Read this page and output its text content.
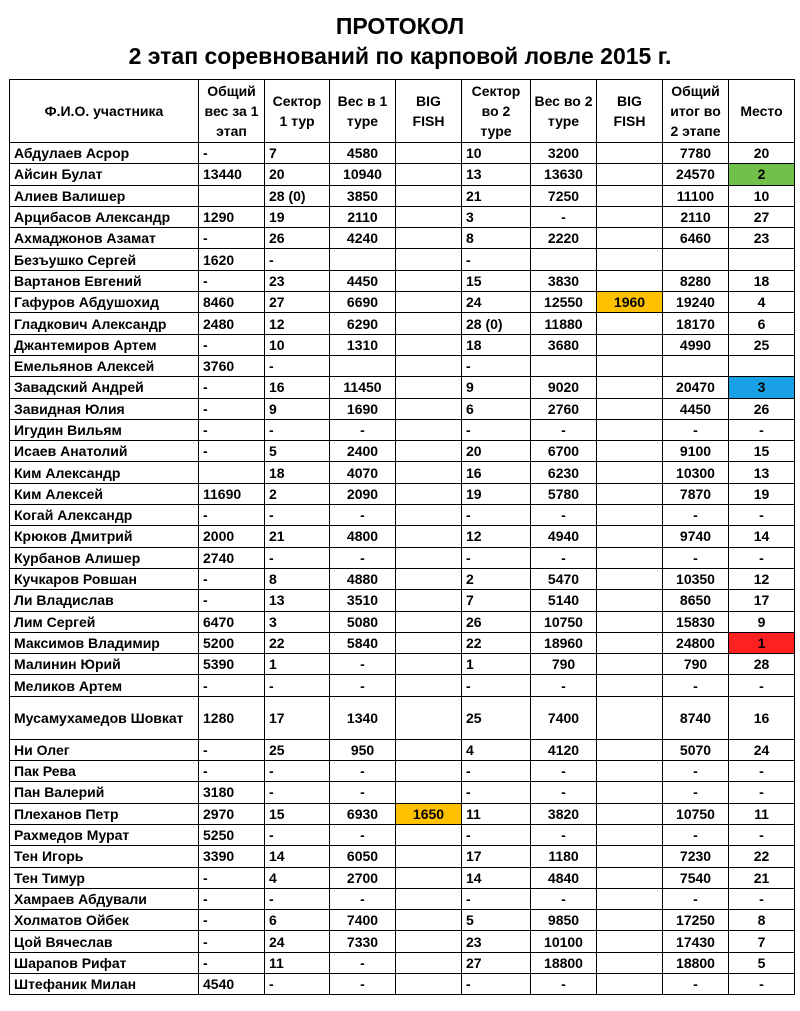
ПРОТОКОЛ
2 этап соревнований по карповой ловле 2015 г.
Ф.И.О. участника	Общий вес за 1 этап	Сектор 1 тур	Вес в 1 туре	BIG FISH	Сектор во 2 туре	Вес во 2 туре	BIG FISH	Общий итог во 2 этапе	Место
Абдулаев Асрор	-	7	4580		10	3200		7780	20
Айсин Булат	13440	20	10940		13	13630		24570	2
Алиев Валишер		28 (0)	3850		21	7250		11100	10
Арцибасов Александр	1290	19	2110		3	-		2110	27
Ахмаджонов Азамат	-	26	4240		8	2220		6460	23
Безъушко Сергей	1620	-			-				
Вартанов Евгений	-	23	4450		15	3830		8280	18
Гафуров Абдушохид	8460	27	6690		24	12550	1960	19240	4
Гладкович Александр	2480	12	6290		28 (0)	11880		18170	6
Джантемиров Артем	-	10	1310		18	3680		4990	25
Емельянов Алексей	3760	-			-				
Завадский Андрей	-	16	11450		9	9020		20470	3
Завидная Юлия	-	9	1690		6	2760		4450	26
Игудин Вильям	-	-	-		-	-		-	-
Исаев Анатолий	-	5	2400		20	6700		9100	15
Ким Александр		18	4070		16	6230		10300	13
Ким Алексей	11690	2	2090		19	5780		7870	19
Когай Александр	-	-	-		-	-		-	-
Крюков Дмитрий	2000	21	4800		12	4940		9740	14
Курбанов Алишер	2740	-	-		-	-		-	-
Кучкаров Ровшан	-	8	4880		2	5470		10350	12
Ли Владислав	-	13	3510		7	5140		8650	17
Лим Сергей	6470	3	5080		26	10750		15830	9
Максимов Владимир	5200	22	5840		22	18960		24800	1
Малинин Юрий	5390	1	-		1	790		790	28
Меликов Артем	-	-	-		-	-		-	-
Мусамухамедов Шовкат	1280	17	1340		25	7400		8740	16
Ни Олег	-	25	950		4	4120		5070	24
Пак Рева	-	-	-		-	-		-	-
Пан Валерий	3180	-	-		-	-		-	-
Плеханов Петр	2970	15	6930	1650	11	3820		10750	11
Рахмедов Мурат	5250	-	-		-	-		-	-
Тен Игорь	3390	14	6050		17	1180		7230	22
Тен Тимур	-	4	2700		14	4840		7540	21
Хамраев Абдували	-	-	-		-	-		-	-
Холматов Ойбек	-	6	7400		5	9850		17250	8
Цой Вячеслав	-	24	7330		23	10100		17430	7
Шарапов Рифат	-	11	-		27	18800		18800	5
Штефаник Милан	4540	-	-		-	-		-	-
